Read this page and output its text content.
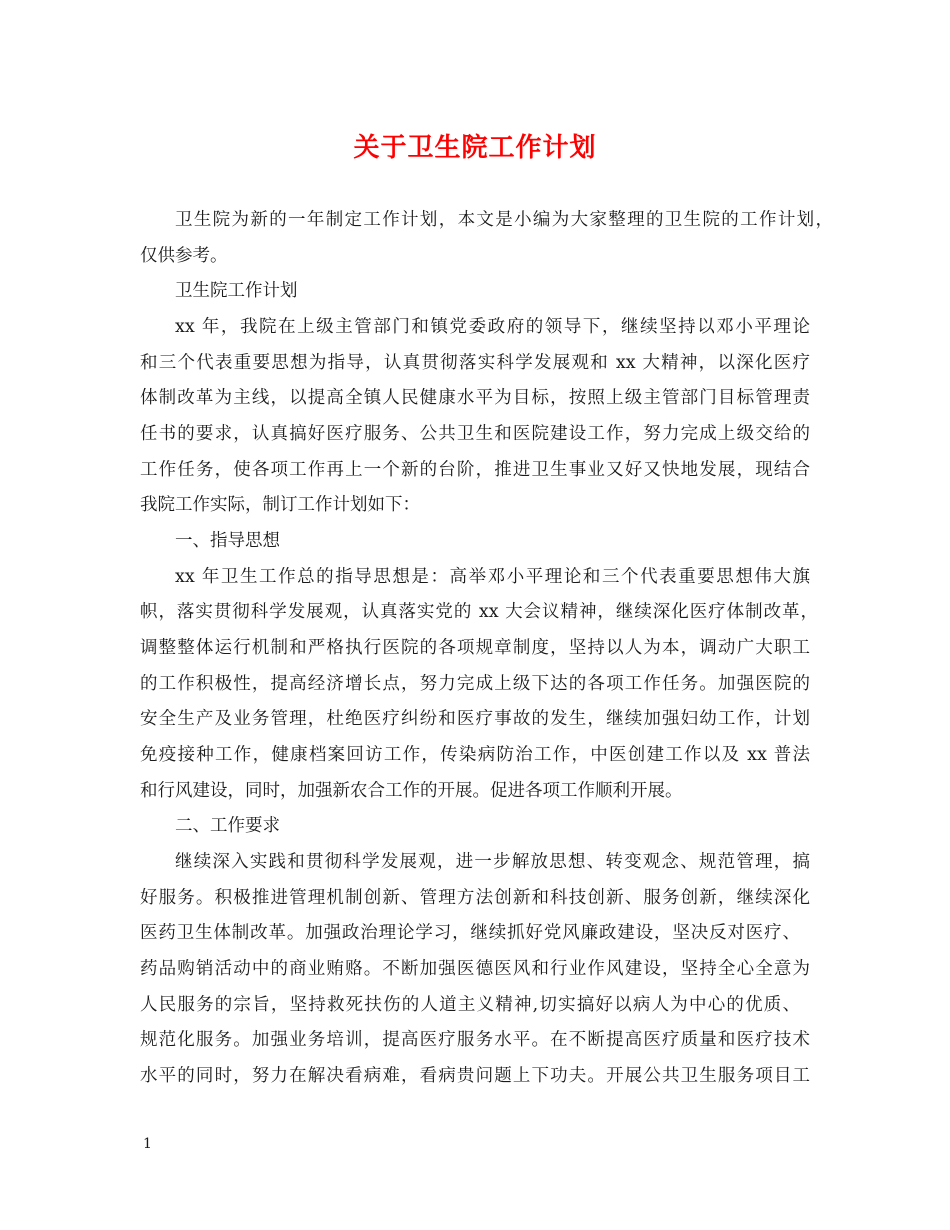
关于卫生院工作计划
卫生院为新的一年制定工作计划，本文是小编为大家整理的卫生院的工作计划，
仅供参考。
卫生院工作计划
xx 年，我院在上级主管部门和镇党委政府的领导下，继续坚持以邓小平理论
和三个代表重要思想为指导，认真贯彻落实科学发展观和 xx 大精神，以深化医疗
体制改革为主线，以提高全镇人民健康水平为目标，按照上级主管部门目标管理责
任书的要求，认真搞好医疗服务、公共卫生和医院建设工作，努力完成上级交给的
工作任务，使各项工作再上一个新的台阶，推进卫生事业又好又快地发展，现结合
我院工作实际，制订工作计划如下：
一、指导思想
xx 年卫生工作总的指导思想是：高举邓小平理论和三个代表重要思想伟大旗
帜，落实贯彻科学发展观，认真落实党的 xx 大会议精神，继续深化医疗体制改革，
调整整体运行机制和严格执行医院的各项规章制度，坚持以人为本，调动广大职工
的工作积极性，提高经济增长点，努力完成上级下达的各项工作任务。加强医院的
安全生产及业务管理，杜绝医疗纠纷和医疗事故的发生，继续加强妇幼工作，计划
免疫接种工作，健康档案回访工作，传染病防治工作，中医创建工作以及 xx 普法
和行风建设，同时，加强新农合工作的开展。促进各项工作顺利开展。
二、工作要求
继续深入实践和贯彻科学发展观，进一步解放思想、转变观念、规范管理，搞
好服务。积极推进管理机制创新、管理方法创新和科技创新、服务创新，继续深化
医药卫生体制改革。加强政治理论学习，继续抓好党风廉政建设，坚决反对医疗、
药品购销活动中的商业贿赂。不断加强医德医风和行业作风建设，坚持全心全意为
人民服务的宗旨，坚持救死扶伤的人道主义精神,切实搞好以病人为中心的优质、
规范化服务。加强业务培训，提高医疗服务水平。在不断提高医疗质量和医疗技术
水平的同时，努力在解决看病难，看病贵问题上下功夫。开展公共卫生服务项目工
1
